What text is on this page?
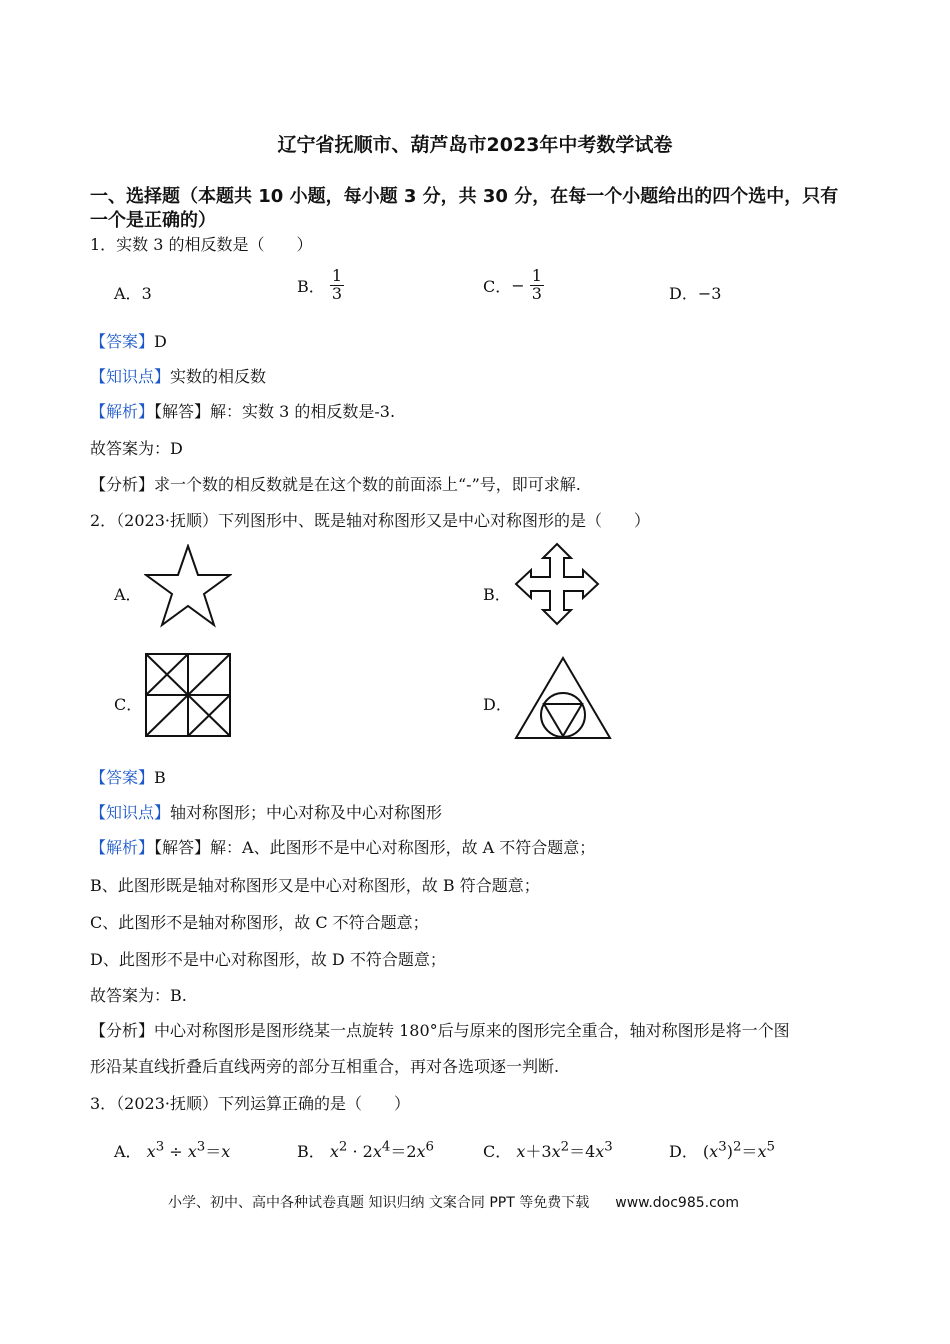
辽宁省抚顺市、葫芦岛市2023年中考数学试卷
一、选择题（本题共 10 小题，每小题 3 分，共 30 分，在每一个小题给出的四个选中，只有
一个是正确的）
1．实数 3 的相反数是（　　）
A．3	B． $\frac{1}{3}$	C．− $\frac{1}{3}$	D．−3
【答案】D
【知识点】实数的相反数
【解析】【解答】解：实数 3 的相反数是-3.
故答案为：D
【分析】求一个数的相反数就是在这个数的前面添上“-”号，即可求解.
2．（2023·抚顺）下列图形中、既是轴对称图形又是中心对称图形的是（　　）
A．	B．
C．	D．
【答案】B
【知识点】轴对称图形；中心对称及中心对称图形
【解析】【解答】解：A、此图形不是中心对称图形，故 A 不符合题意；
B、此图形既是轴对称图形又是中心对称图形，故 B 符合题意；
C、此图形不是轴对称图形，故 C 不符合题意；
D、此图形不是中心对称图形，故 D 不符合题意；
故答案为：B.
【分析】中心对称图形是图形绕某一点旋转 180°后与原来的图形完全重合，轴对称图形是将一个图
形沿某直线折叠后直线两旁的部分互相重合，再对各选项逐一判断.
3．（2023·抚顺）下列运算正确的是（　　）
A． $x^3 \div x^3=x$	B． $x^2 \cdot 2x^4=2x^6$	C． $x+3x^2=4x^3$	D． $(x^3)^2=x^5$
小学、初中、高中各种试卷真题 知识归纳 文案合同 PPT 等免费下载 www.doc985.com
